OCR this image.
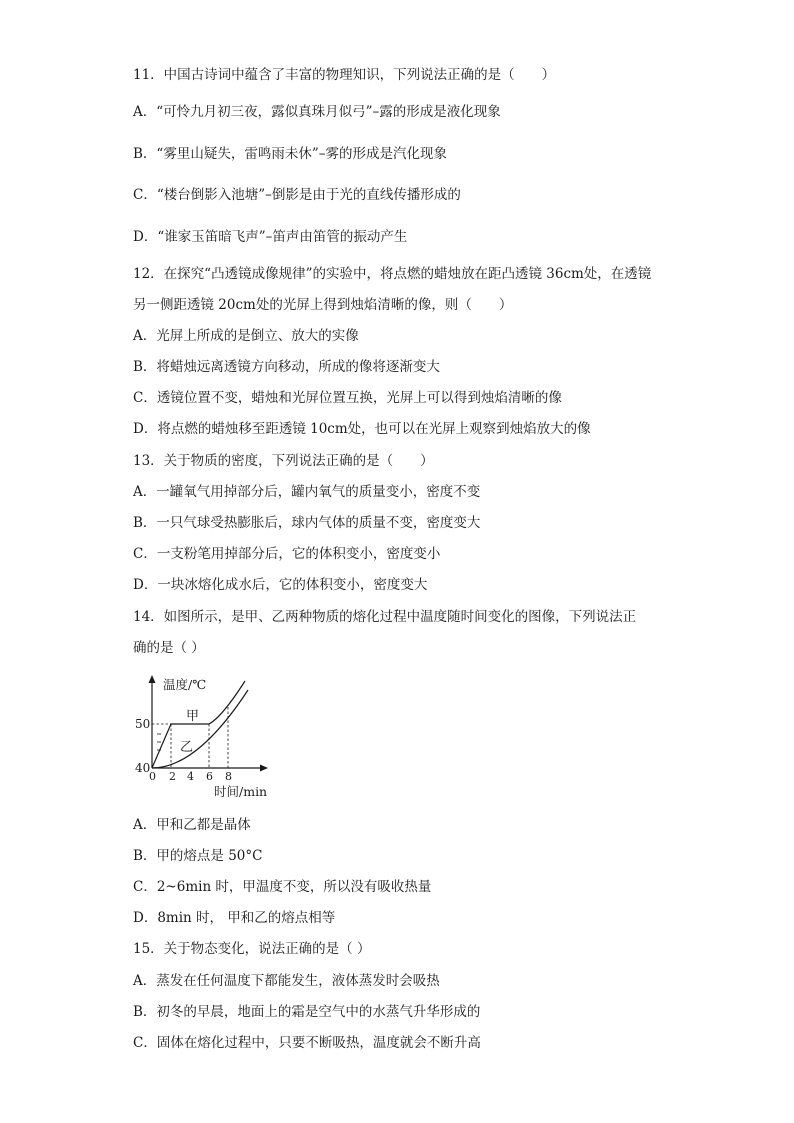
11．中国古诗词中蕴含了丰富的物理知识，下列说法正确的是（　　）
A．“可怜九月初三夜，露似真珠月似弓”–露的形成是液化现象
B．“雾里山疑失，雷鸣雨未休”–雾的形成是汽化现象
C．“楼台倒影入池塘”–倒影是由于光的直线传播形成的
D．“谁家玉笛暗飞声”–笛声由笛管的振动产生
12．在探究“凸透镜成像规律”的实验中，将点燃的蜡烛放在距凸透镜 36cm处，在透镜
另一侧距透镜 20cm处的光屏上得到烛焰清晰的像，则（　　）
A．光屏上所成的是倒立、放大的实像
B．将蜡烛远离透镜方向移动，所成的像将逐渐变大
C．透镜位置不变，蜡烛和光屏位置互换，光屏上可以得到烛焰清晰的像
D．将点燃的蜡烛移至距透镜 10cm处，也可以在光屏上观察到烛焰放大的像
13．关于物质的密度，下列说法正确的是（　　）
A．一罐氧气用掉部分后，罐内氧气的质量变小，密度不变
B．一只气球受热膨胀后，球内气体的质量不变，密度变大
C．一支粉笔用掉部分后，它的体积变小，密度变小
D．一块冰熔化成水后，它的体积变小，密度变大
14．如图所示，是甲、乙两种物质的熔化过程中温度随时间变化的图像，下列说法正
确的是（ ）
温度/℃
时间/min
50
40
0 2 4 6 8
甲
乙
A．甲和乙都是晶体
B．甲的熔点是 50°C
C．2~6min 时，甲温度不变，所以没有吸收热量
D．8min 时， 甲和乙的熔点相等
15．关于物态变化，说法正确的是（ ）
A．蒸发在任何温度下都能发生，液体蒸发时会吸热
B．初冬的早晨，地面上的霜是空气中的水蒸气升华形成的
C．固体在熔化过程中，只要不断吸热，温度就会不断升高
